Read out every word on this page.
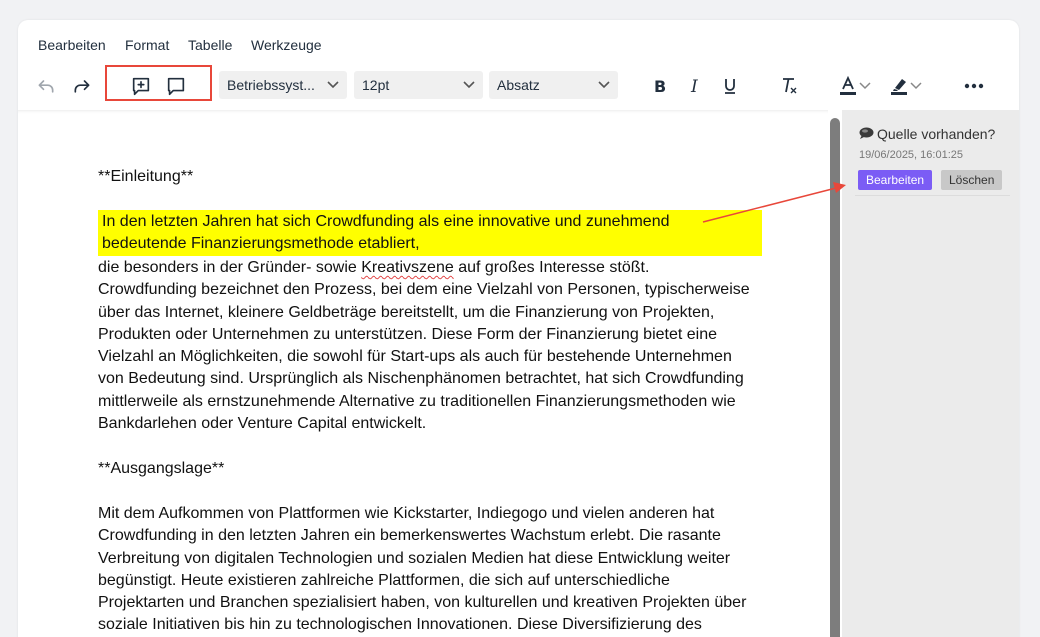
Bearbeiten Format Tabelle Werkzeuge
Betriebssyst...	12pt	Absatz	B I
**Einleitung**
In den letzten Jahren hat sich Crowdfunding als eine innovative und zunehmend
bedeutende Finanzierungsmethode etabliert,
die besonders in der Gründer- sowie Kreativszene auf großes Interesse stößt.
Crowdfunding bezeichnet den Prozess, bei dem eine Vielzahl von Personen, typischerweise
über das Internet, kleinere Geldbeträge bereitstellt, um die Finanzierung von Projekten,
Produkten oder Unternehmen zu unterstützen. Diese Form der Finanzierung bietet eine
Vielzahl an Möglichkeiten, die sowohl für Start-ups als auch für bestehende Unternehmen
von Bedeutung sind. Ursprünglich als Nischenphänomen betrachtet, hat sich Crowdfunding
mittlerweile als ernstzunehmende Alternative zu traditionellen Finanzierungsmethoden wie
Bankdarlehen oder Venture Capital entwickelt.
**Ausgangslage**
Mit dem Aufkommen von Plattformen wie Kickstarter, Indiegogo und vielen anderen hat
Crowdfunding in den letzten Jahren ein bemerkenswertes Wachstum erlebt. Die rasante
Verbreitung von digitalen Technologien und sozialen Medien hat diese Entwicklung weiter
begünstigt. Heute existieren zahlreiche Plattformen, die sich auf unterschiedliche
Projektarten und Branchen spezialisiert haben, von kulturellen und kreativen Projekten über
soziale Initiativen bis hin zu technologischen Innovationen. Diese Diversifizierung des
Quelle vorhanden?
19/06/2025, 16:01:25
Bearbeiten	Löschen
